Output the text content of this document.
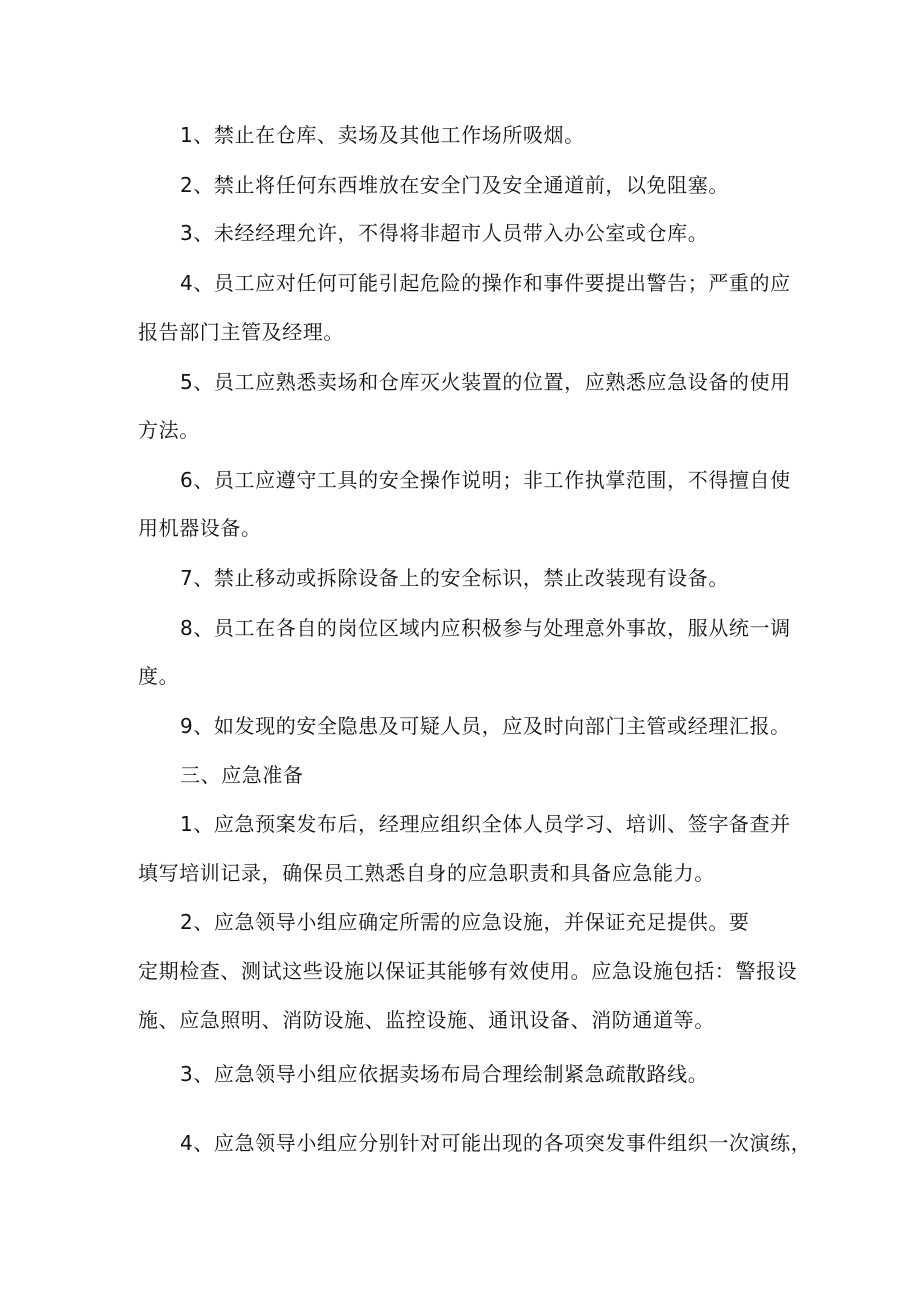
1、禁止在仓库、卖场及其他工作场所吸烟。
2、禁止将任何东西堆放在安全门及安全通道前，以免阻塞。
3、未经经理允许，不得将非超市人员带入办公室或仓库。
4、员工应对任何可能引起危险的操作和事件要提出警告；严重的应
报告部门主管及经理。
5、员工应熟悉卖场和仓库灭火装置的位置，应熟悉应急设备的使用
方法。
6、员工应遵守工具的安全操作说明；非工作执掌范围，不得擅自使
用机器设备。
7、禁止移动或拆除设备上的安全标识，禁止改装现有设备。
8、员工在各自的岗位区域内应积极参与处理意外事故，服从统一调
度。
9、如发现的安全隐患及可疑人员，应及时向部门主管或经理汇报。
三、应急准备
1、应急预案发布后，经理应组织全体人员学习、培训、签字备查并
填写培训记录，确保员工熟悉自身的应急职责和具备应急能力。
2、应急领导小组应确定所需的应急设施，并保证充足提供。要
定期检查、测试这些设施以保证其能够有效使用。应急设施包括：警报设
施、应急照明、消防设施、监控设施、通讯设备、消防通道等。
3、应急领导小组应依据卖场布局合理绘制紧急疏散路线。
4、应急领导小组应分别针对可能出现的各项突发事件组织一次演练，
